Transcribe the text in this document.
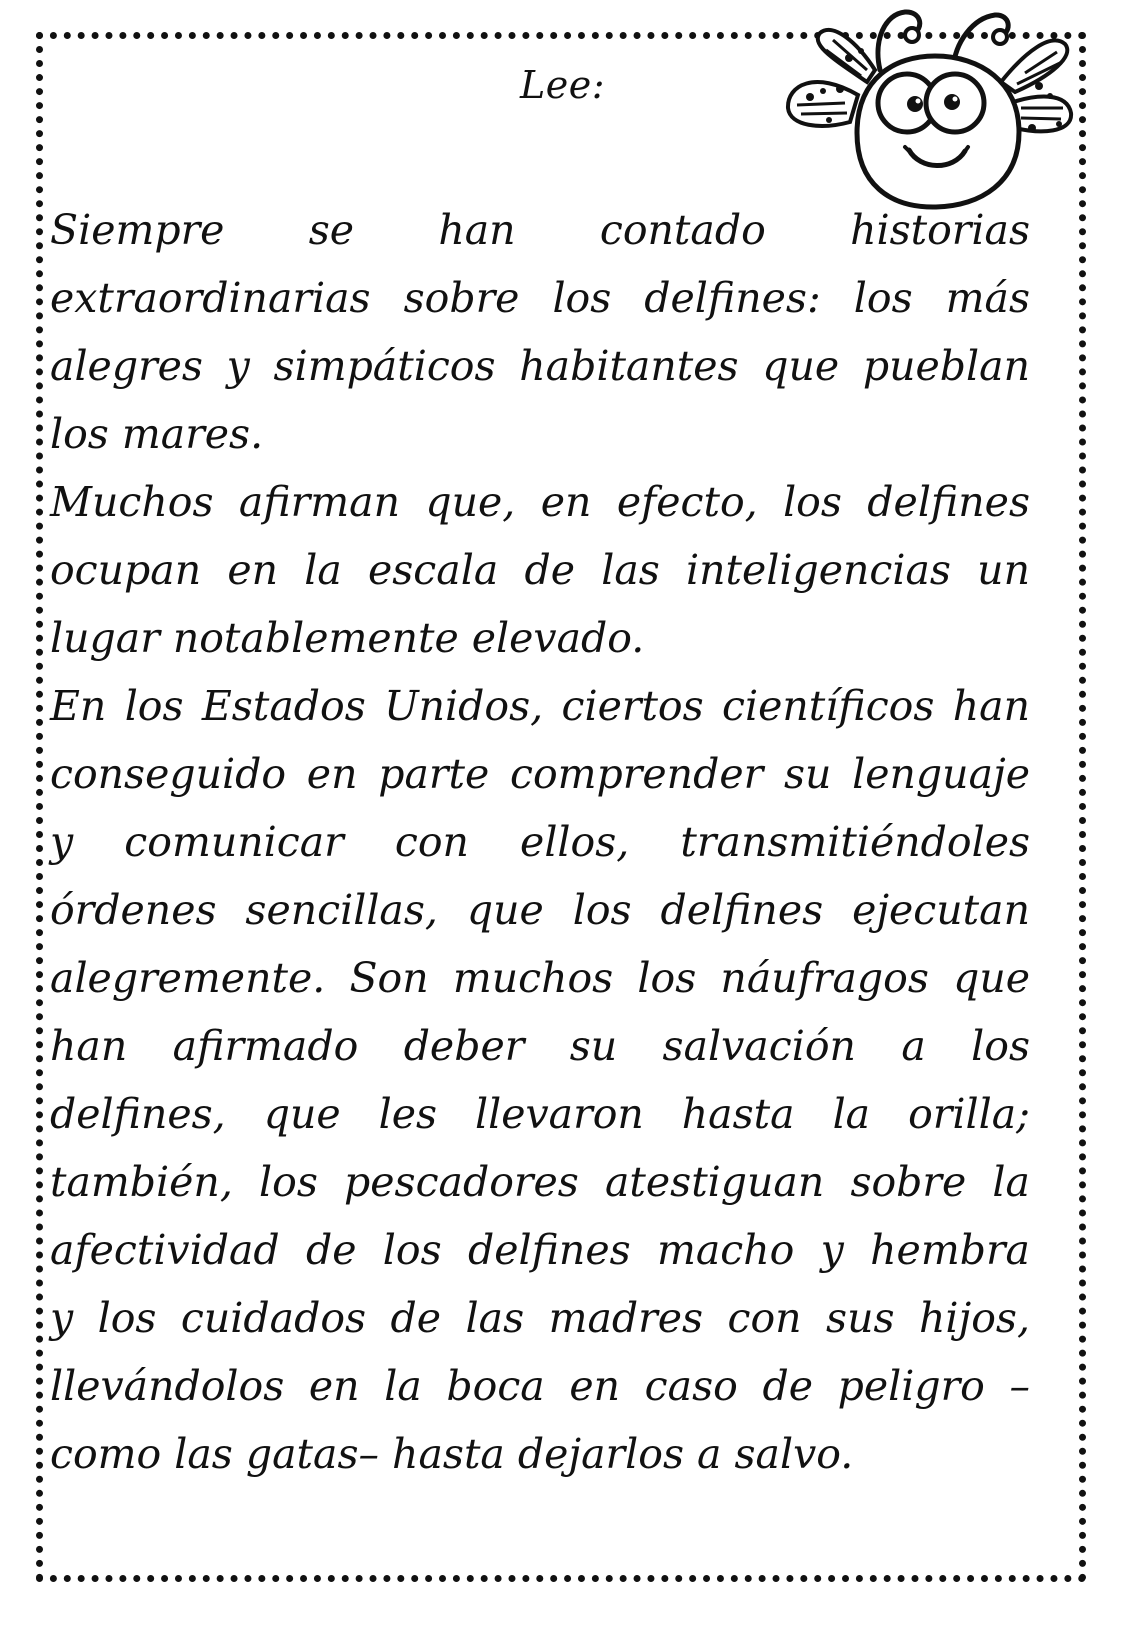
Lee:
Siempre se han contado historias
extraordinarias sobre los delfines: los más
alegres y simpáticos habitantes que pueblan
los mares.
Muchos afirman que, en efecto, los delfines
ocupan en la escala de las inteligencias un
lugar notablemente elevado.
En los Estados Unidos, ciertos científicos han
conseguido en parte comprender su lenguaje
y comunicar con ellos, transmitiéndoles
órdenes sencillas, que los delfines ejecutan
alegremente. Son muchos los náufragos que
han afirmado deber su salvación a los
delfines, que les llevaron hasta la orilla;
también, los pescadores atestiguan sobre la
afectividad de los delfines macho y hembra
y los cuidados de las madres con sus hijos,
llevándolos en la boca en caso de peligro –
como las gatas– hasta dejarlos a salvo.
